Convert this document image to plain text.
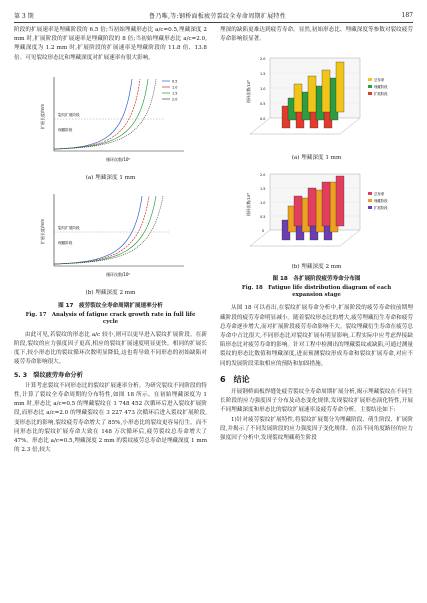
第 3 期	鲁乃唯,等:钢桥面板疲劳裂纹全寿命周期扩展特性	187

阶段的扩展速率是埋藏阶段的 6.5 倍;当初始埋藏形态比 a/c=0.5,埋藏深度 2 mm 时,扩展阶段的扩展速率是埋藏阶段的 8 倍;当初始埋藏形态比 a/c=2.0,埋藏深度为 1.2 mm 时,扩展阶段的扩展速率是埋藏阶段的 11.8 倍、13.8 倍。可见裂纹形态比和埋藏深度对扩展速率有很大影响。

扩展长度/mm
循环次数/10⁶
裂纹扩展阶段
埋藏阶段
0.5
1.0
1.5
2.0
(a) 埋藏深度 1 mm
扩展长度/mm
循环次数/10⁶
裂纹扩展阶段
埋藏阶段
(b) 埋藏深度 2 mm
图 17　疲劳裂纹全寿命周期扩展速率分析
Fig. 17　Analysis of fatigue crack growth rate in full life cycle

由此可见,若裂纹的形态比 a/c 较小,则可以更早进入裂纹扩展阶段。在新阶段,裂纹的应力强度因子更高,相应的裂纹扩展速度明显更快。相同的扩展长度下,较小形态比的裂纹循环次数明显降低,这也将导致不同形态的初始缺陷对疲劳寿命影响很大。

5. 3　裂纹疲劳寿命分析

计算考虑裂纹不同形态比的裂纹扩展速率分析。为研究裂纹不同阶段的特性,计算了裂纹全寿命周期的分布特性,如图 18 所示。在初始埋藏深度为 1 mm 时,形态比 a/c=0.5 的埋藏裂纹在 1 748 452 次循环后进入裂纹扩展阶段,而形态比 a/c=2.0 的埋藏裂纹在 3 227 473 次循环后进入裂纹扩展阶段,变形态比的影响,裂纹疲劳寿命增大了 85%,小形态比的裂纹更容易衍生。而不同形态比的裂纹扩展寿命大致在 148 万次循环后,疲劳裂纹总寿命增大了 47%。形态比 a/c=0.5,埋藏深度 2 mm 的裂纹疲劳总寿命是埋藏深度 1 mm 的 2.3 倍,较大

埋深的缺陷更难达到疲劳寿命。显然,初始形态比、埋藏深度等参数对裂纹疲劳寿命影响很显著。

0.0
0.5
1.0
1.5
2.0
循环次数/10⁶
总寿命
埋藏阶段
扩展阶段
(a) 埋藏深度 1 mm
0
0.5
1.0
1.5
2.0
循环次数/10⁶	总寿命
埋藏阶段
扩展阶段
(b) 埋藏深度 2 mm
图 18　各扩展阶段疲劳寿命分布图
Fig. 18　Fatigue life distribution diagram of each expansion stage

从图 18 可以看出,在裂纹扩展寿命分析中,扩展阶段的疲劳寿命较前期埋藏阶段的疲劳寿命明显减小。随着裂纹形态比的增大,疲劳埋藏衍生寿命和疲劳总寿命逐步增大,而对扩展阶段疲劳寿命影响不大。裂纹埋藏衍生寿命在疲劳总寿命中占比很大,不同形态比对裂纹扩展有明显影响,工程实际中应考虑焊接缺陷形态比对疲劳寿命的影响。针对工程中检测出的埋藏裂纹或缺陷,可通过测量裂纹的形态比数值和埋藏深度,进而预测裂纹形成寿命和裂纹扩展寿命,对应不同的发展阶段采取相应的预防和加固措施。

6　结论

开展钢桥面板焊缝处疲劳裂纹全寿命周期扩展分析,揭示埋藏裂纹在不同生长阶段的应力强度因子分布及动态变化规律,发现裂纹扩展形态演化特性,开展不同埋藏深度和形态比的裂纹扩展速率及疲劳寿命分析。主要结论如下:

1)针对疲劳裂纹扩展特性,将裂纹扩展划分为埋藏阶段、萌生阶段、扩展阶段,并揭示了不同发展阶段的应力强度因子变化规律。在沿不同角度路径的应力强度因子分析中,发现裂纹埋藏萌生阶段
